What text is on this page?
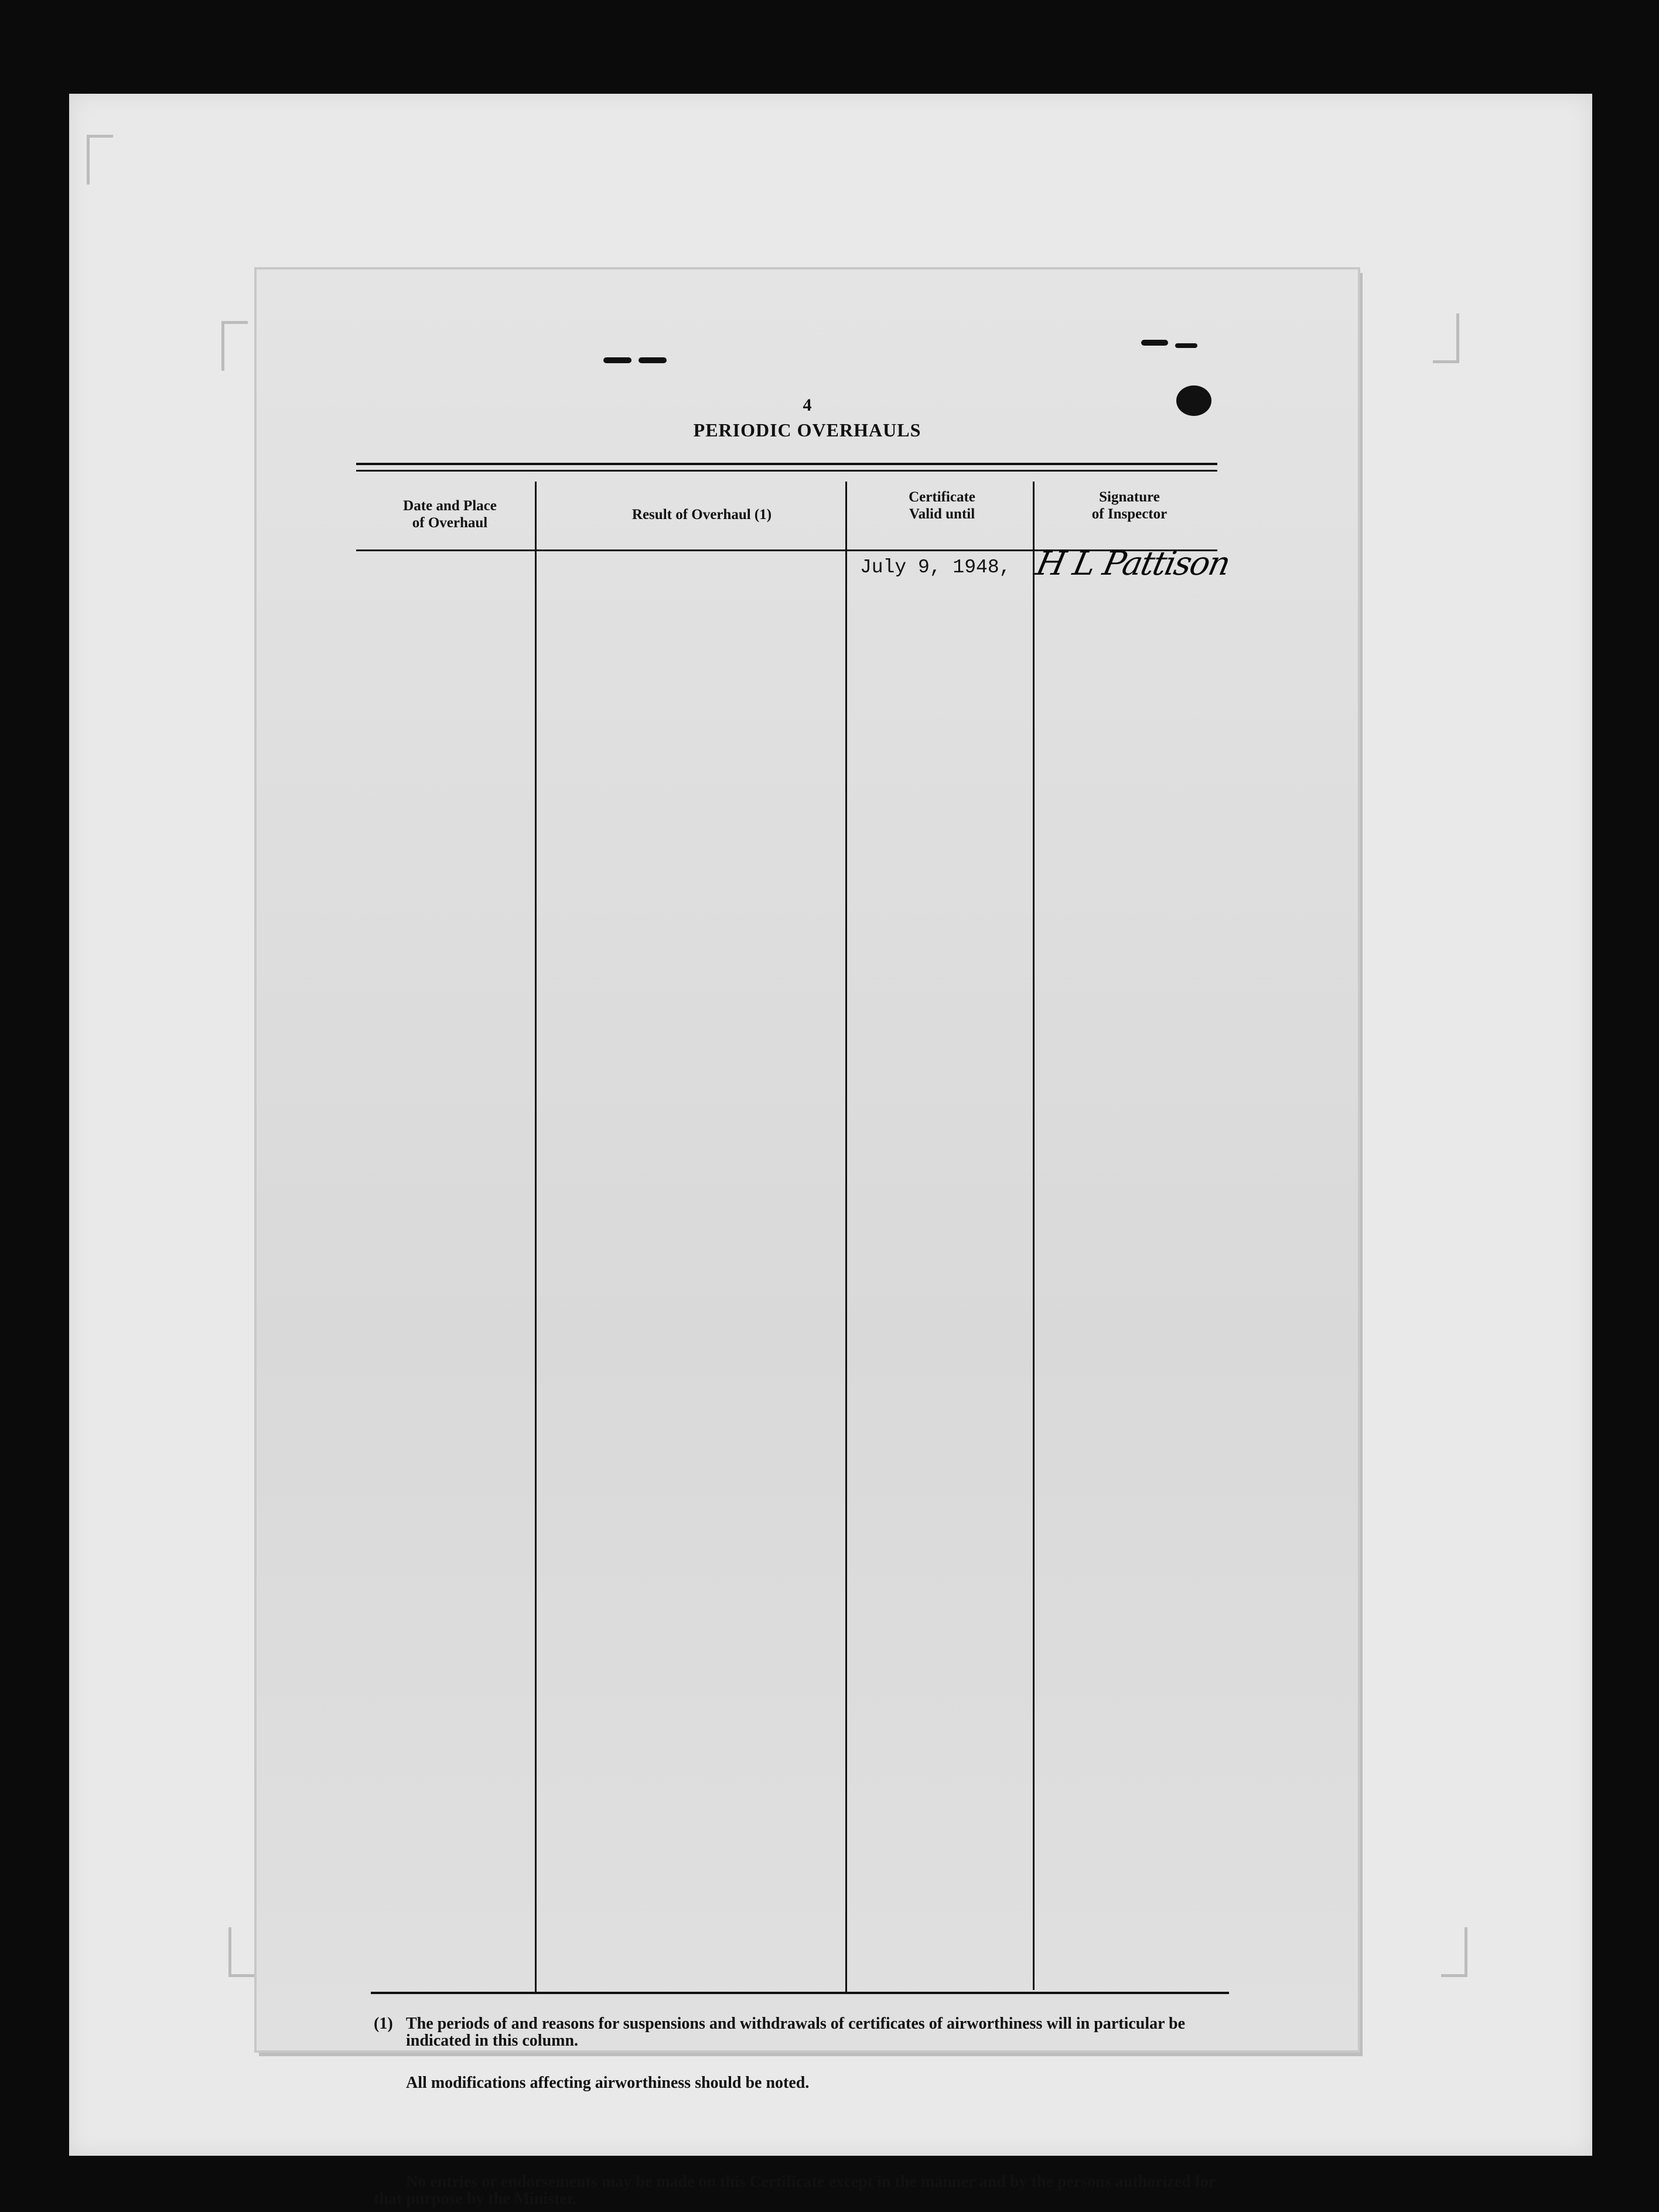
4
PERIODIC OVERHAULS
Date and Place
of Overhaul
Result of Overhaul (1)
Certificate
Valid until
Signature
of Inspector
July 9, 1948, H L Pattison
(1) The periods of and reasons for suspensions and withdrawals of certificates of airworthiness will in particular be indicated in this column.
All modifications affecting airworthiness should be noted.
No entries or endorsements may be made on this Certificate except in the manner and by the persons authorized for that purpose by the Minister.
